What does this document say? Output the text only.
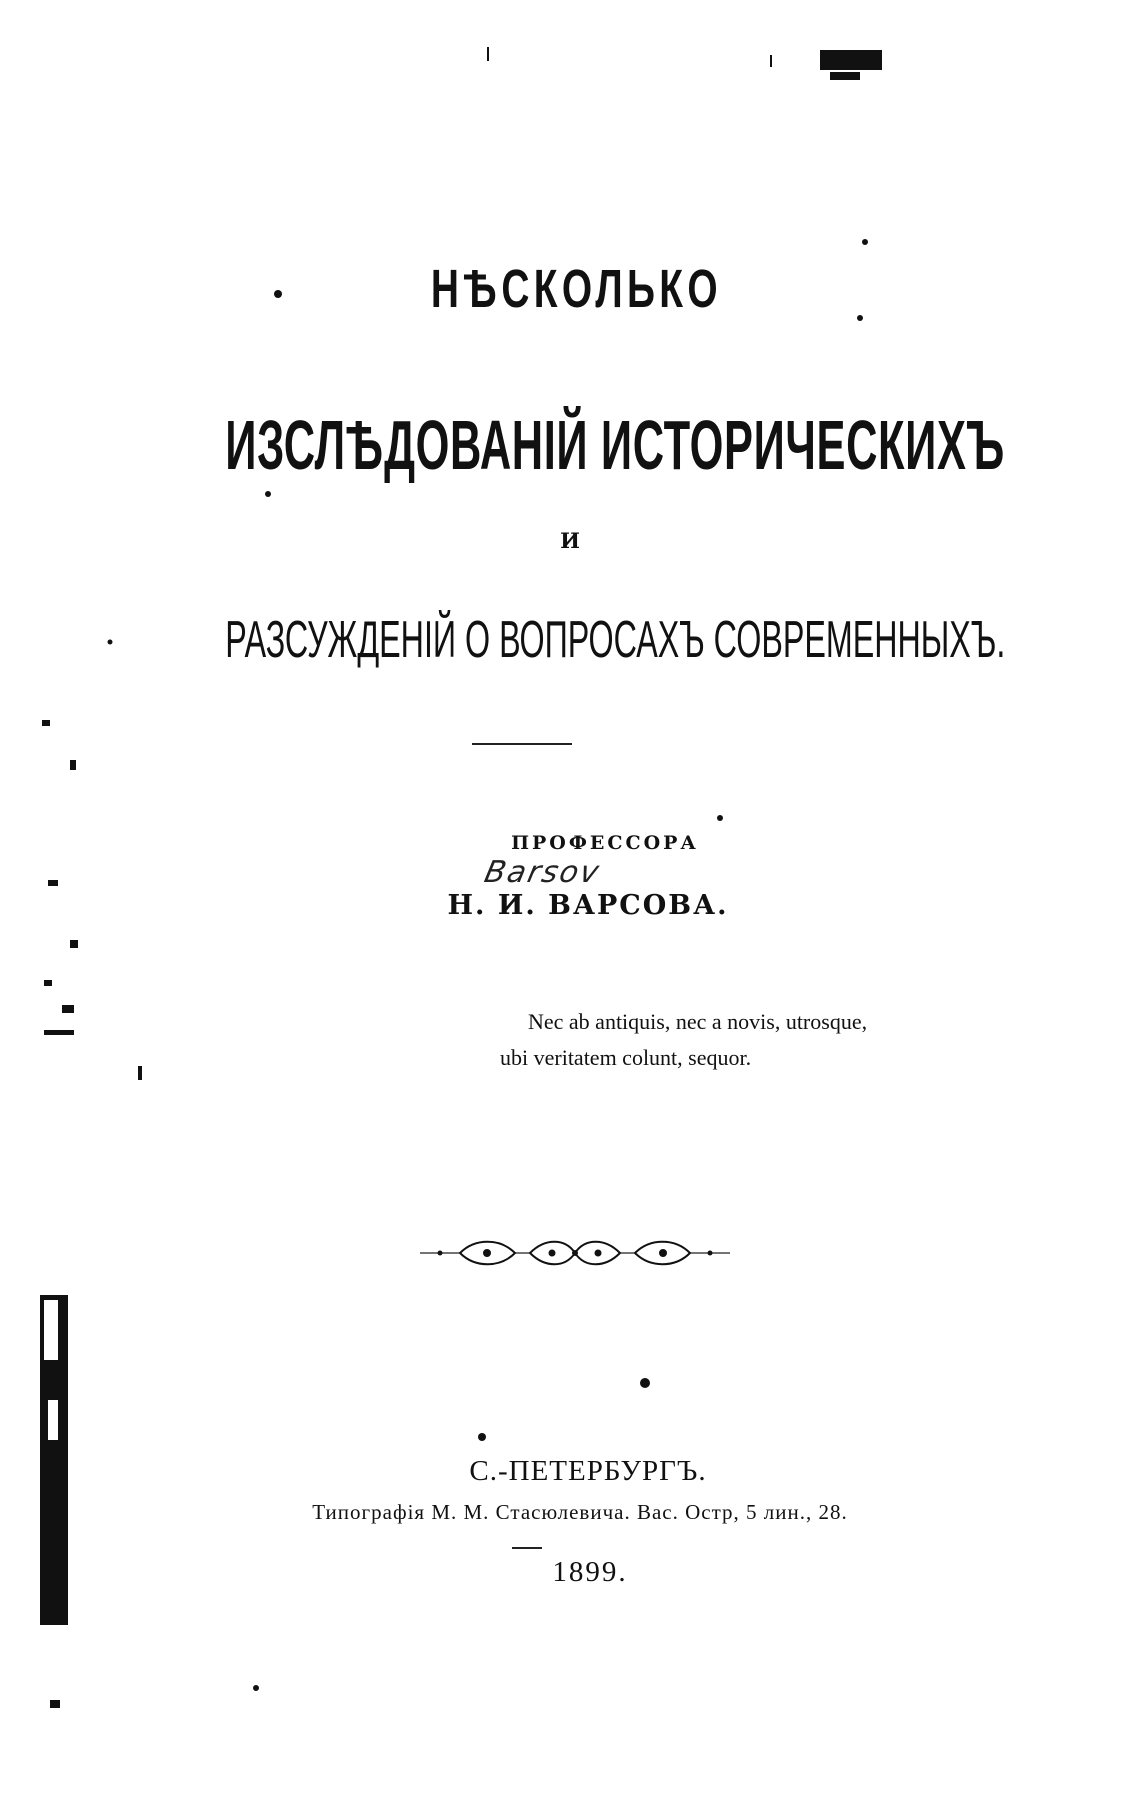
НѢСКОЛЬКО
ИЗСЛѢДОВАНІЙ ИСТОРИЧЕСКИХЪ
И
РАЗСУЖДЕНІЙ О ВОПРОСАХЪ СОВРЕМЕННЫХЪ.
ПРОФЕССОРА
Barsov
Н. И. ВАРСОВА.
Nec ab antiquis, nec a novis, utrosque,
ubi veritatem colunt, sequor.
С.-ПЕТЕРБУРГЪ.
Типографія М. М. Стасюлевича. Вас. Остр, 5 лин., 28.
1899.
